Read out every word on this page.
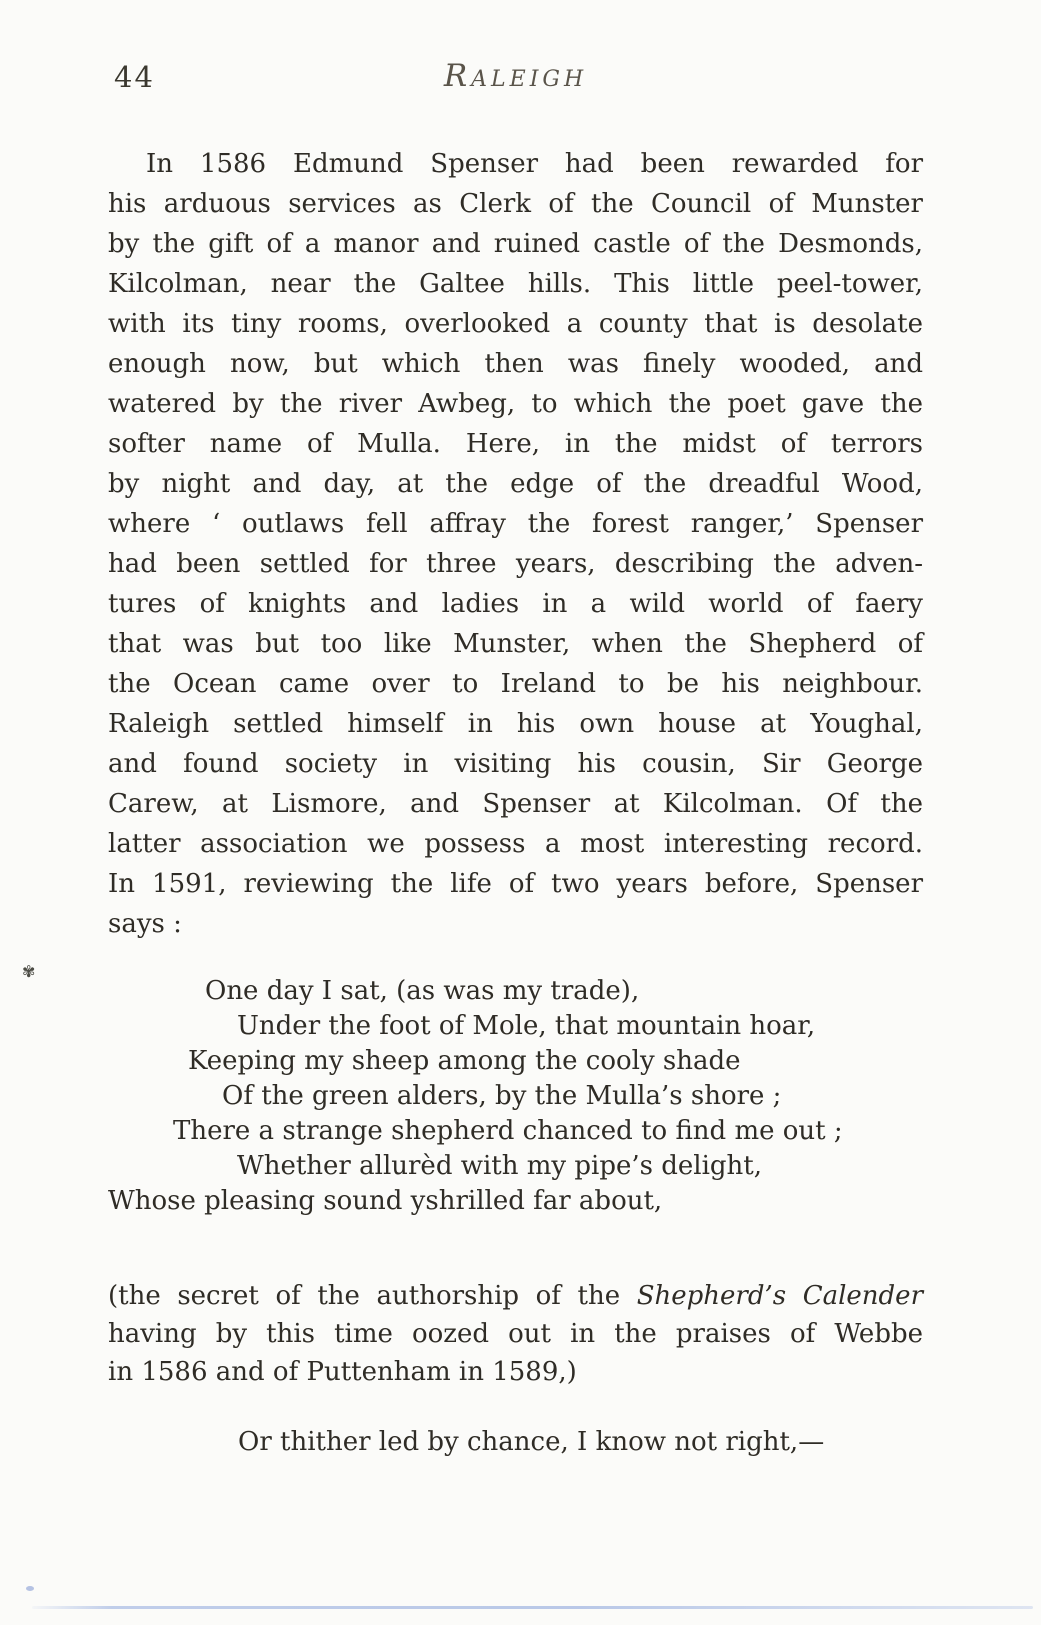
✾
44	Raleigh
In 1586 Edmund Spenser had been rewarded for
his arduous services as Clerk of the Council of Munster
by the gift of a manor and ruined castle of the Desmonds,
Kilcolman, near the Galtee hills. This little peel-tower,
with its tiny rooms, overlooked a county that is desolate
enough now, but which then was finely wooded, and
watered by the river Awbeg, to which the poet gave the
softer name of Mulla. Here, in the midst of terrors
by night and day, at the edge of the dreadful Wood,
where ‘ outlaws fell affray the forest ranger,’ Spenser
had been settled for three years, describing the adven-
tures of knights and ladies in a wild world of faery
that was but too like Munster, when the Shepherd of
the Ocean came over to Ireland to be his neighbour.
Raleigh settled himself in his own house at Youghal,
and found society in visiting his cousin, Sir George
Carew, at Lismore, and Spenser at Kilcolman. Of the
latter association we possess a most interesting record.
In 1591, reviewing the life of two years before, Spenser
says :
One day I sat, (as was my trade),
Under the foot of Mole, that mountain hoar,
Keeping my sheep among the cooly shade
Of the green alders, by the Mulla’s shore ;
There a strange shepherd chanced to find me out ;
Whether allurèd with my pipe’s delight,
Whose pleasing sound yshrilled far about,
(the secret of the authorship of the Shepherd’s Calender
having by this time oozed out in the praises of Webbe
in 1586 and of Puttenham in 1589,)
Or thither led by chance, I know not right,—
